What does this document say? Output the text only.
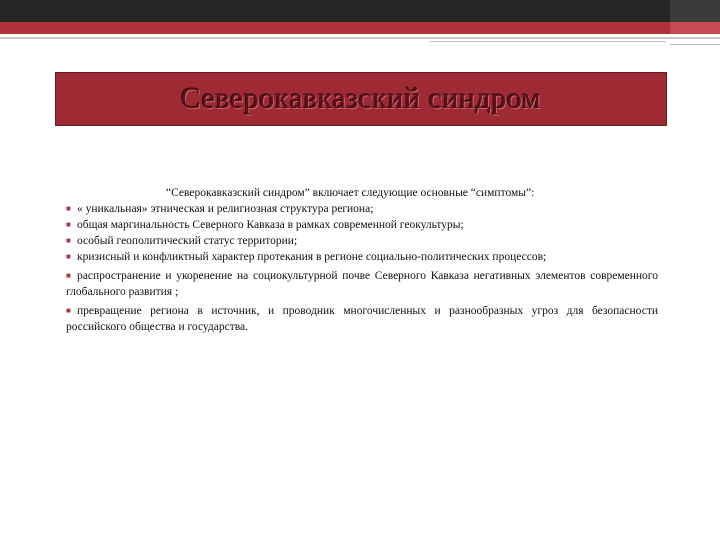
Северокавказский синдром
“Северокавказский синдром” включает следующие основные “симптомы”:
■ « уникальная» этническая и религиозная структура региона;
■ общая маргинальность Северного Кавказа в рамках современной геокультуры;
■ особый геополитический статус территории;
■ кризисный и конфликтный характер протекания в регионе социально-политических процессов;
■ распространение и укоренение на социокультурной почве Северного Кавказа негативных элементов современного глобального развития ;
■ превращение региона в источник, и проводник многочисленных и разнообразных угроз для безопасности российского общества и государства.
